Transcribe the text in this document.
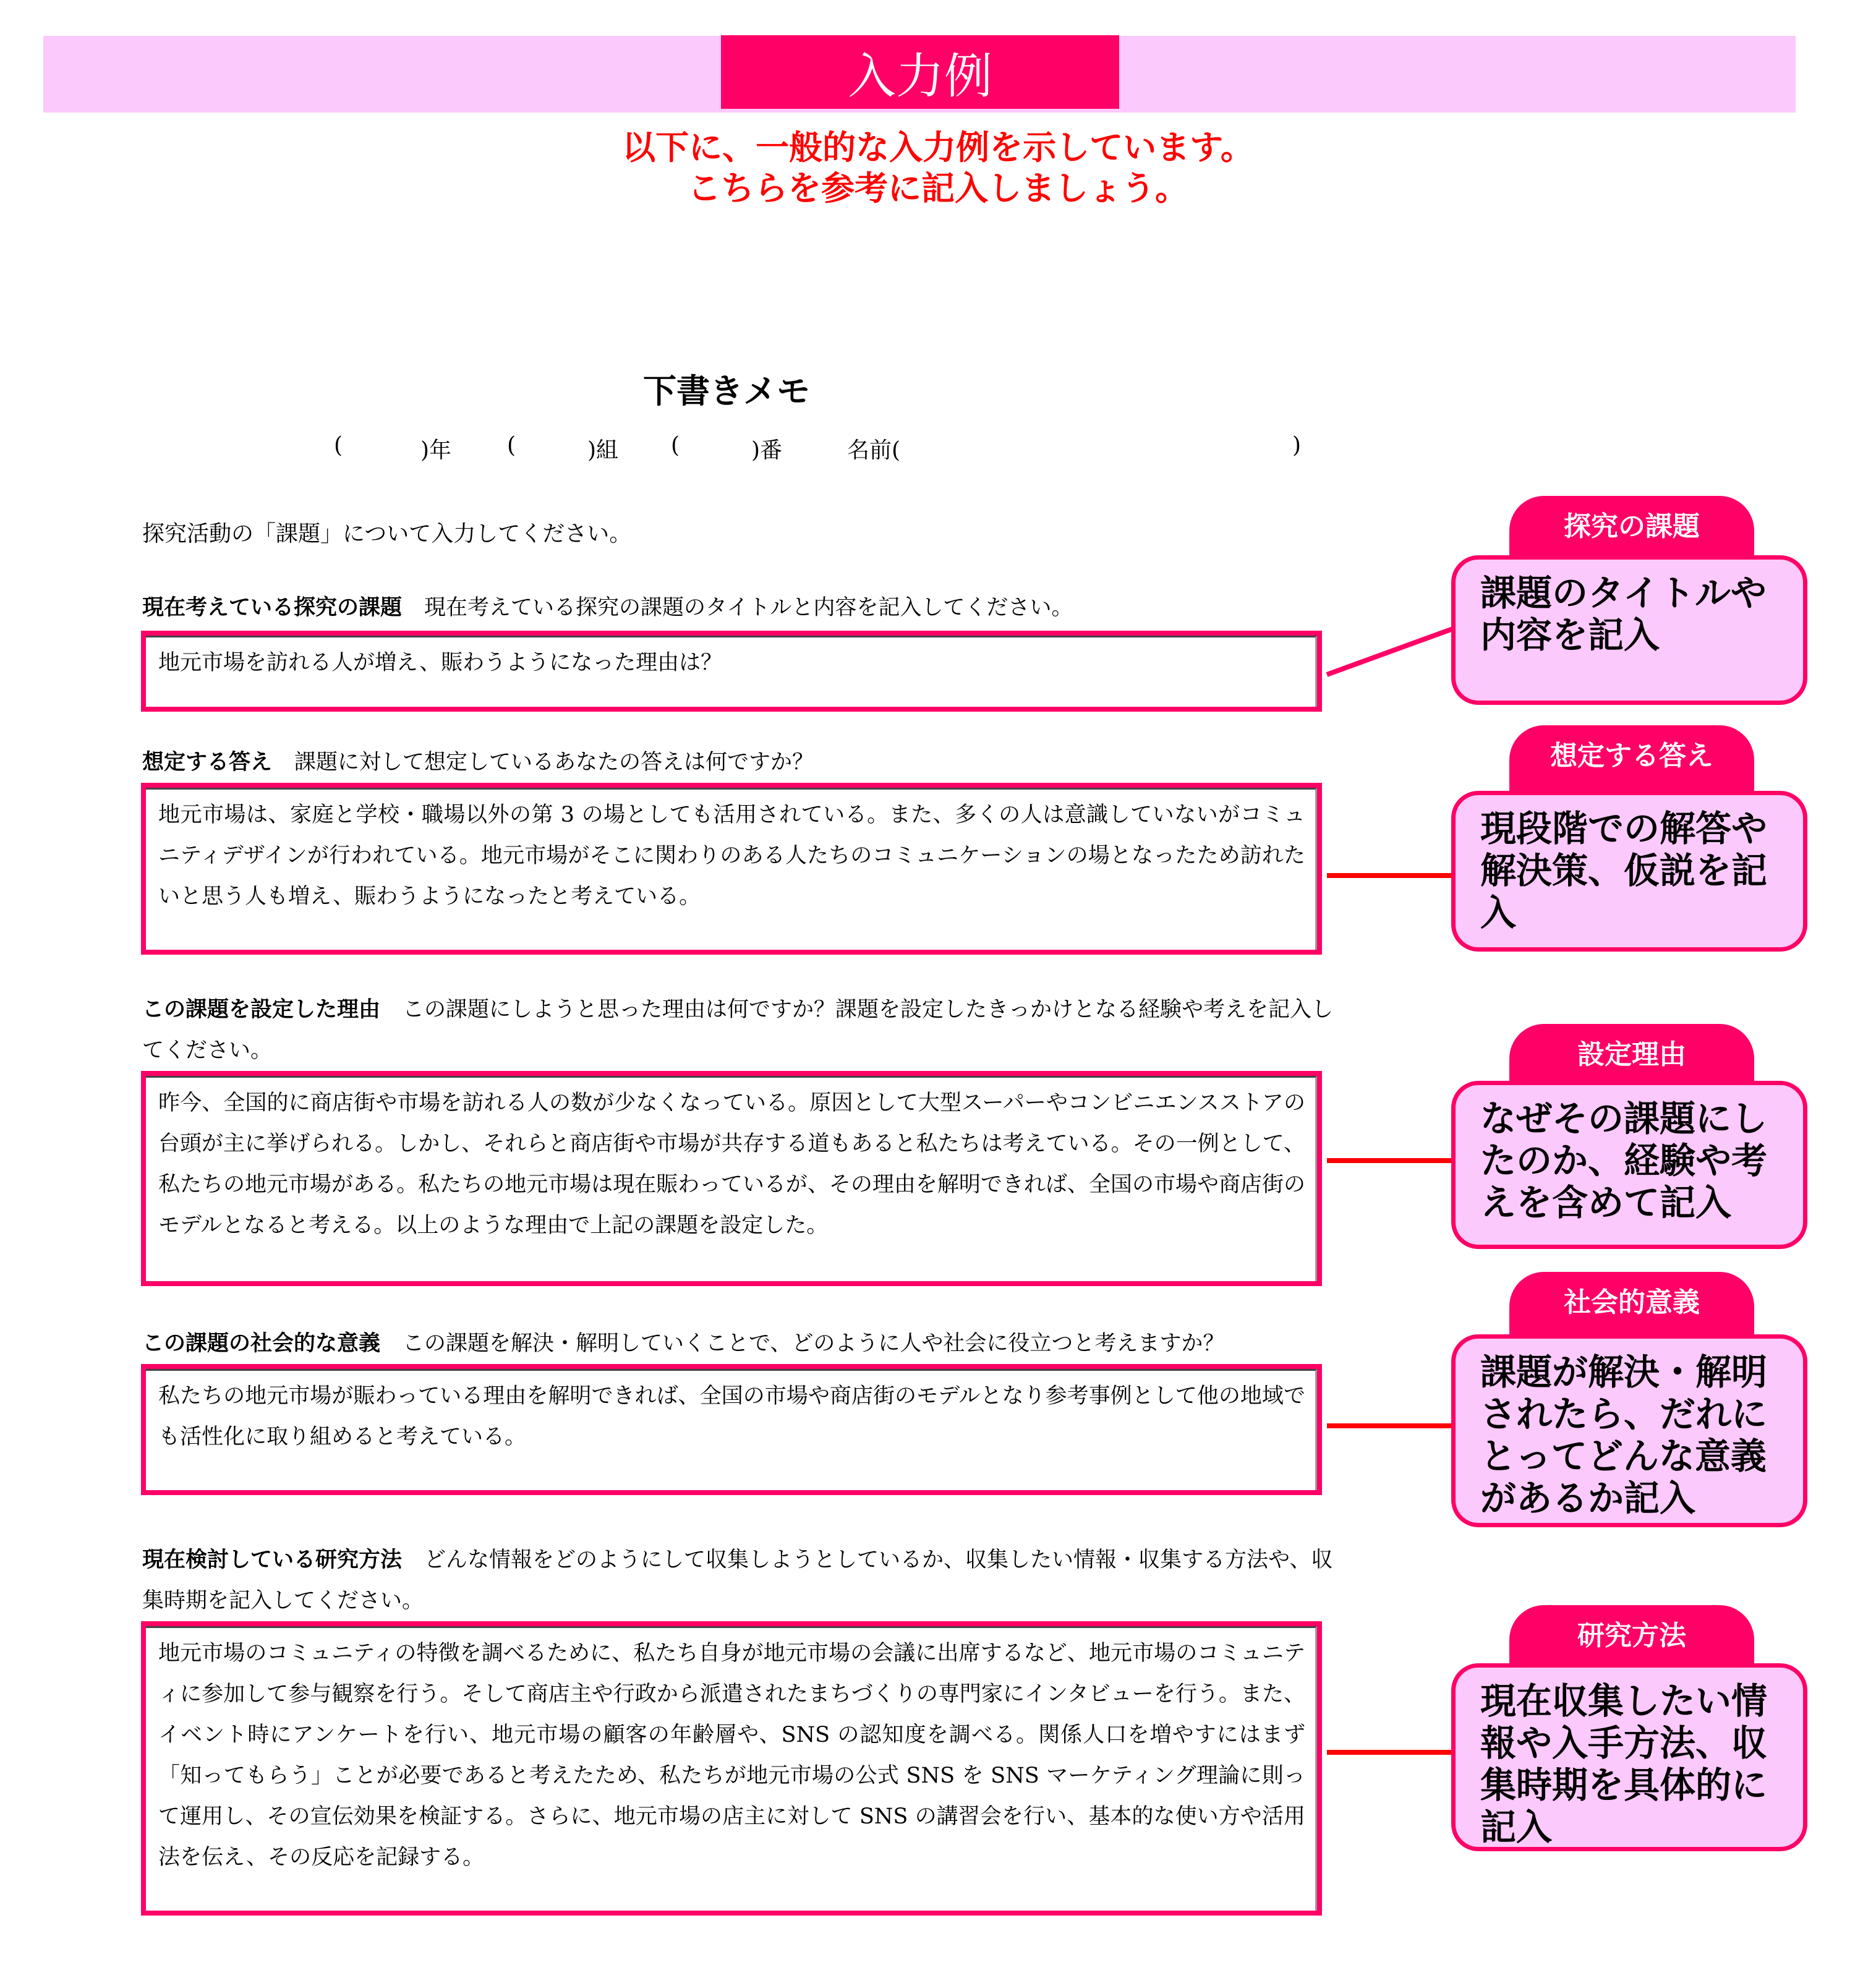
入力例
以下に、一般的な入力例を示しています。
こちらを参考に記入しましょう。
下書きメモ
(	)年 (	)組 (	)番	名前(	)
探究活動の「課題」について入力してください。
現在考えている探究の課題 現在考えている探究の課題のタイトルと内容を記入してください。
地元市場を訪れる人が増え、賑わうようになった理由は？
想定する答え 課題に対して想定しているあなたの答えは何ですか？
地元市場は、家庭と学校・職場以外の第 3 の場としても活用されている。また、多くの人は意識していないがコミュニティデザインが行われている。地元市場がそこに関わりのある人たちのコミュニケーションの場となったため訪れたいと思う人も増え、賑わうようになったと考えている。
この課題を設定した理由 この課題にしようと思った理由は何ですか？課題を設定したきっかけとなる経験や考えを記入してください。
昨今、全国的に商店街や市場を訪れる人の数が少なくなっている。原因として大型スーパーやコンビニエンスストアの台頭が主に挙げられる。しかし、それらと商店街や市場が共存する道もあると私たちは考えている。その一例として、私たちの地元市場がある。私たちの地元市場は現在賑わっているが、その理由を解明できれば、全国の市場や商店街のモデルとなると考える。以上のような理由で上記の課題を設定した。
この課題の社会的な意義 この課題を解決・解明していくことで、どのように人や社会に役立つと考えますか？
私たちの地元市場が賑わっている理由を解明できれば、全国の市場や商店街のモデルとなり参考事例として他の地域でも活性化に取り組めると考えている。
現在検討している研究方法 どんな情報をどのようにして収集しようとしているか、収集したい情報・収集する方法や、収集時期を記入してください。
地元市場のコミュニティの特徴を調べるために、私たち自身が地元市場の会議に出席するなど、地元市場のコミュニティに参加して参与観察を行う。そして商店主や行政から派遣されたまちづくりの専門家にインタビューを行う。また、イベント時にアンケートを行い、地元市場の顧客の年齢層や、SNS の認知度を調べる。関係人口を増やすにはまず「知ってもらう」ことが必要であると考えたため、私たちが地元市場の公式 SNS を SNS マーケティング理論に則って運用し、その宣伝効果を検証する。さらに、地元市場の店主に対して SNS の講習会を行い、基本的な使い方や活用法を伝え、その反応を記録する。
探究の課題
課題のタイトルや内容を記入
想定する答え
現段階での解答や解決策、仮説を記入
設定理由
なぜその課題にしたのか、経験や考えを含めて記入
社会的意義
課題が解決・解明されたら、だれにとってどんな意義があるか記入
研究方法
現在収集したい情報や入手方法、収集時期を具体的に記入
